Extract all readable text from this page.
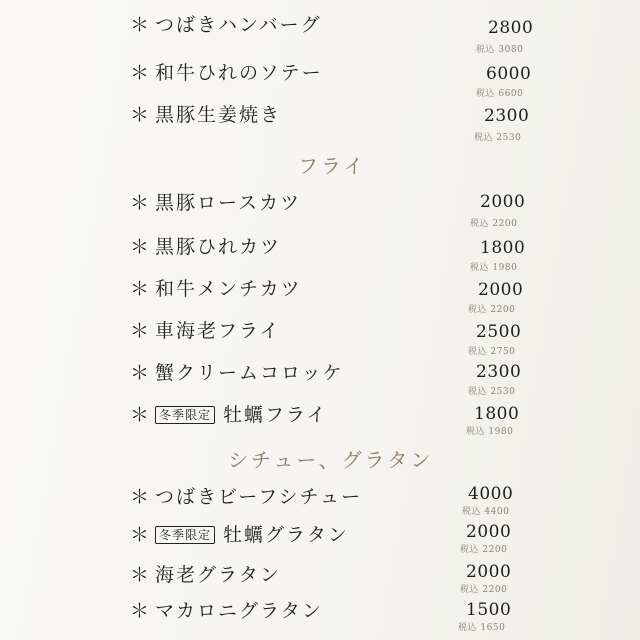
＊ つばきハンバーグ	2800
税込 3080
＊ 和牛ひれのソテー	6000
税込 6600
＊ 黒豚生姜焼き	2300
税込 2530
フライ
＊ 黒豚ロースカツ	2000
税込 2200
＊ 黒豚ひれカツ	1800
税込 1980
＊ 和牛メンチカツ	2000
税込 2200
＊ 車海老フライ	2500
税込 2750
＊ 蟹クリームコロッケ	2300
税込 2530
＊ 冬季限定 牡蠣フライ	1800
税込 1980
シチュー、グラタン
＊ つばきビーフシチュー	4000
税込 4400
＊ 冬季限定 牡蠣グラタン	2000
税込 2200
＊ 海老グラタン	2000
税込 2200
＊ マカロニグラタン	1500
税込 1650
